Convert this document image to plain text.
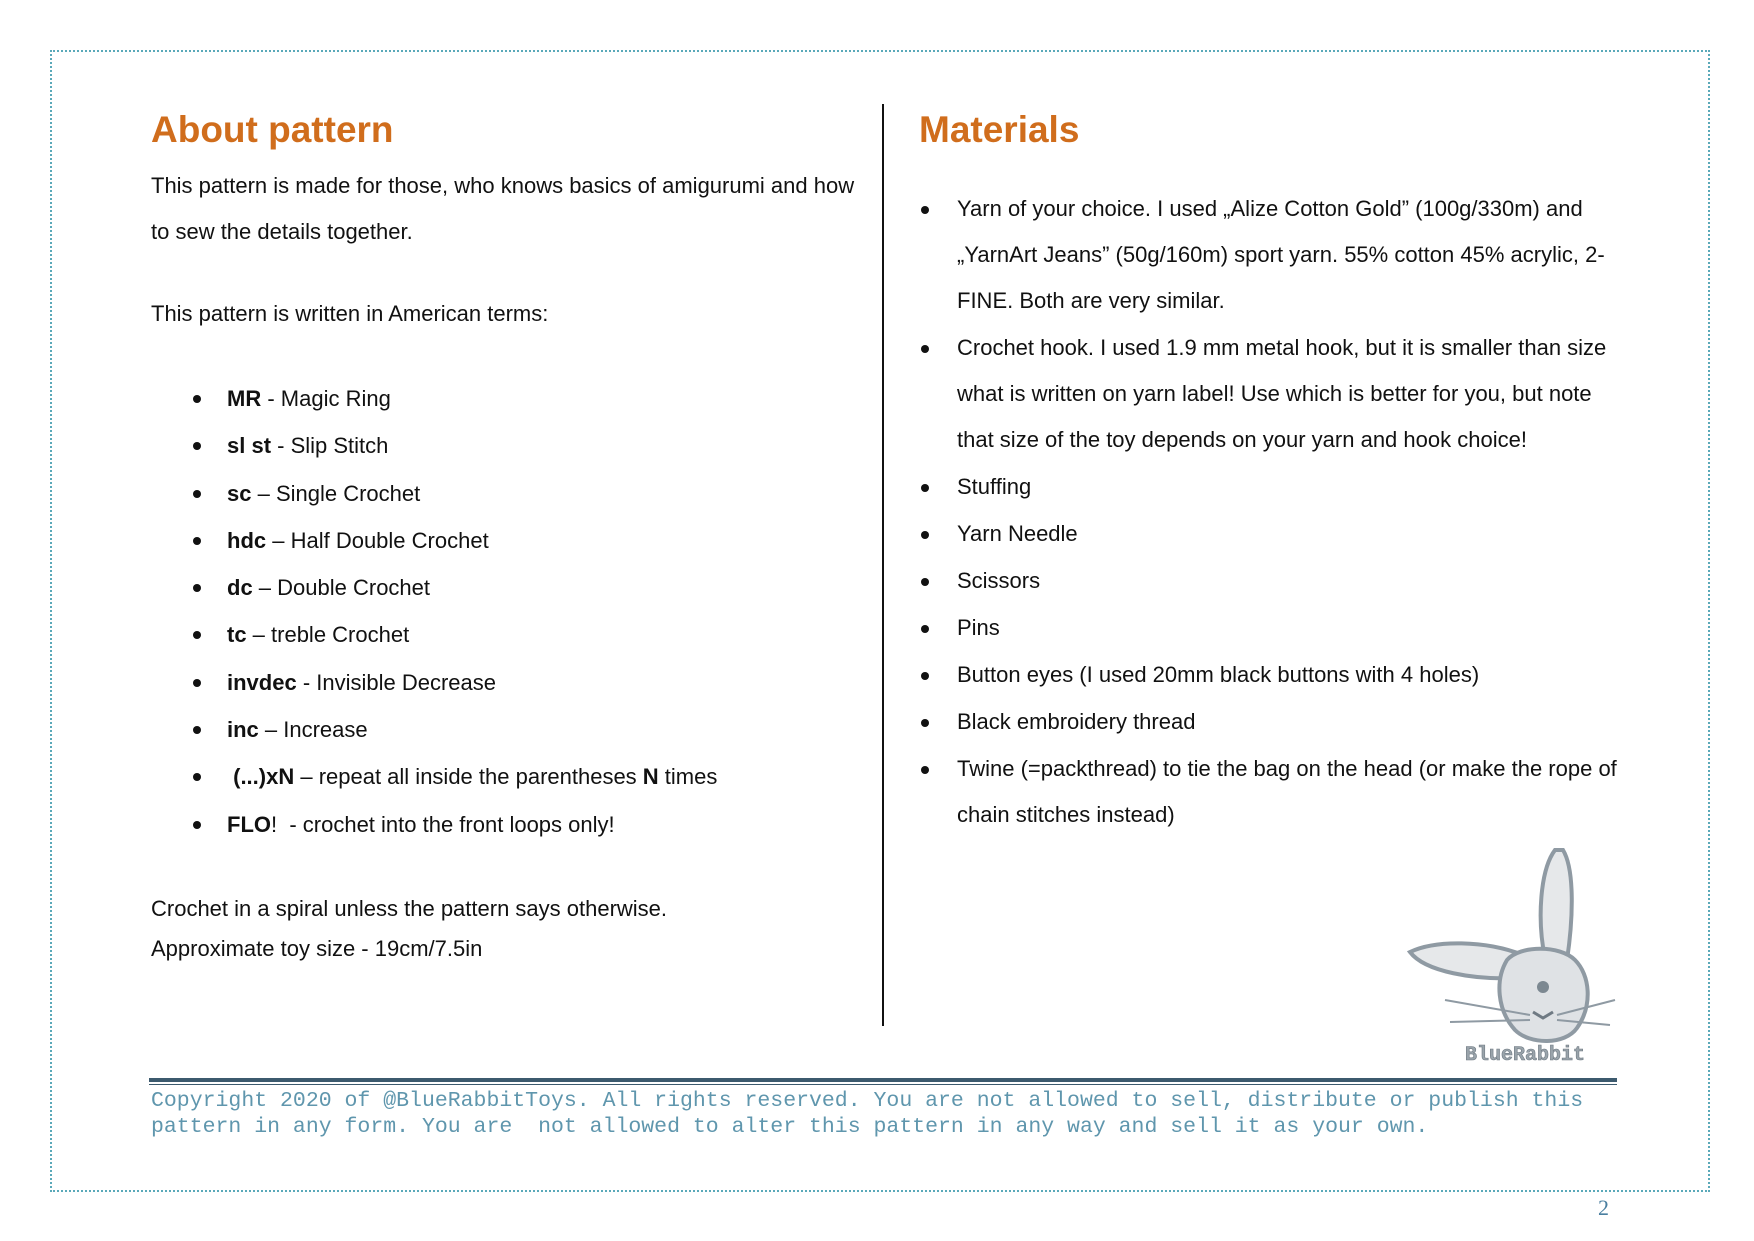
About pattern

This pattern is made for those, who knows basics of amigurumi and how to sew the details together.

This pattern is written in American terms:

MR - Magic Ring
sl st - Slip Stitch
sc – Single Crochet
hdc – Half Double Crochet
dc – Double Crochet
tc – treble Crochet
invdec - Invisible Decrease
inc – Increase
(...)xN – repeat all inside the parentheses N times
FLO!  - crochet into the front loops only!

Crochet in a spiral unless the pattern says otherwise.

Approximate toy size - 19cm/7.5in

Materials
Yarn of your choice. I used „Alize Cotton Gold” (100g/330m) and „YarnArt Jeans” (50g/160m) sport yarn. 55% cotton 45% acrylic, 2-FINE. Both are very similar.
Crochet hook. I used 1.9 mm metal hook, but it is smaller than size what is written on yarn label! Use which is better for you, but note that size of the toy depends on your yarn and hook choice!
Stuffing
Yarn Needle
Scissors
Pins
Button eyes (I used 20mm black buttons with 4 holes)
Black embroidery thread
Twine (=packthread) to tie the bag on the head (or make the rope of chain stitches instead)
BlueRabbit

Copyright 2020 of @BlueRabbitToys. All rights reserved. You are not allowed to sell, distribute or publish this pattern in any form. You are  not allowed to alter this pattern in any way and sell it as your own.

2
